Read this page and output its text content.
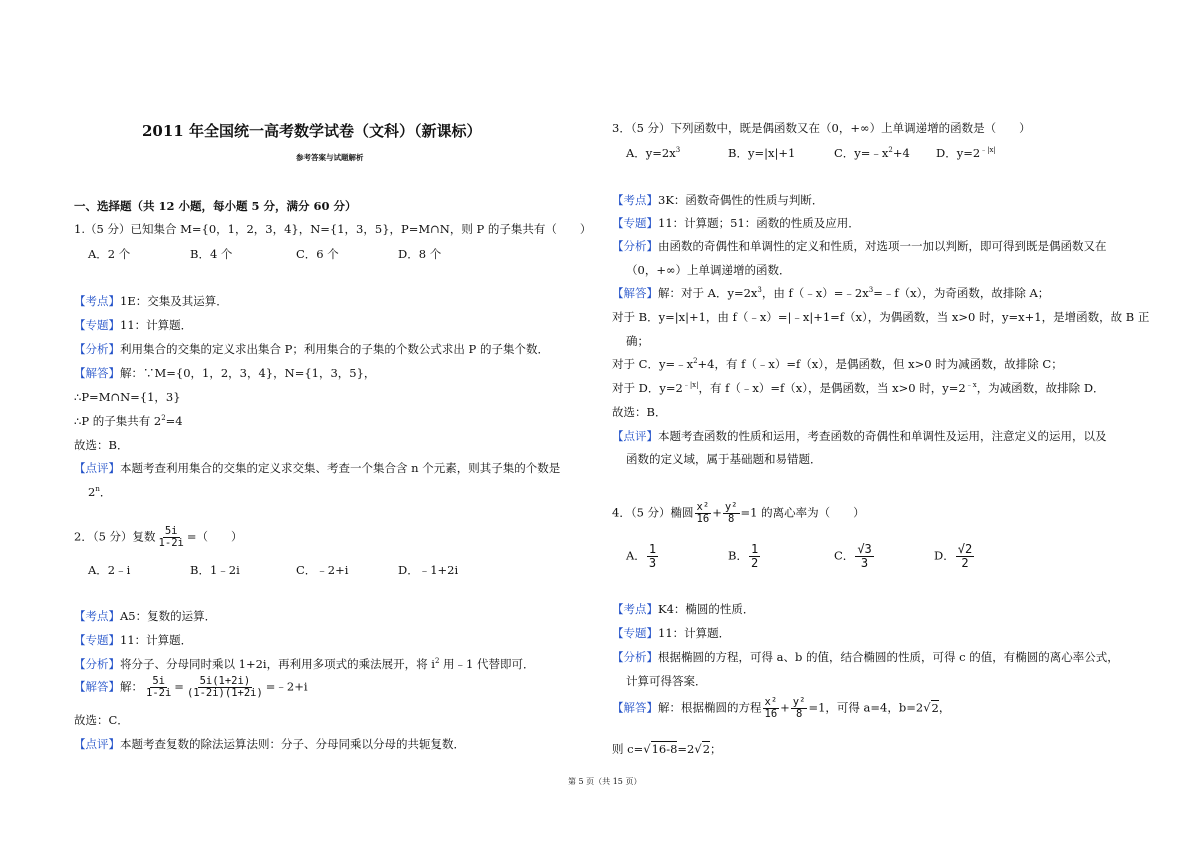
2011 年全国统一高考数学试卷（文科）（新课标）
参考答案与试题解析
一、选择题（共 12 小题，每小题 5 分，满分 60 分）
1.（5 分）已知集合 M={0，1，2，3，4}，N={1，3，5}，P=M∩N，则 P 的子集共有（　　）
A．2 个	B．4 个	C．6 个	D．8 个
【考点】1E：交集及其运算．
【专题】11：计算题．
【分析】利用集合的交集的定义求出集合 P；利用集合的子集的个数公式求出 P 的子集个数．
【解答】解：∵M={0，1，2，3，4}，N={1，3，5}，
∴P=M∩N={1，3}
∴P 的子集共有 $2^2=4$
故选：B．
【点评】本题考查利用集合的交集的定义求交集、考查一个集合含 n 个元素，则其子集的个数是
2$^n$．
2．（5 分）复数 $\frac{5i}{1-2i}$ =（　　）
A．2﹣i	B．1﹣2i	C．﹣2+i	D．﹣1+2i
【考点】A5：复数的运算．
【专题】11：计算题．
【分析】将分子、分母同时乘以 1+2i，再利用多项式的乘法展开，将 $i^2$ 用﹣1 代替即可．
【解答】解： $\frac{5i}{1-2i} = \frac{5i(1+2i)}{(1-2i)(1+2i)}$ =﹣2+i
故选：C．
【点评】本题考查复数的除法运算法则：分子、分母同乘以分母的共轭复数．
3．（5 分）下列函数中，既是偶函数又在（0，+∞）上单调递增的函数是（　　）
A．$y=2x^3$	B．y=|x|+1	C．$y=﹣x^2+4$ D．$y=2^{﹣|x|}$
【考点】3K：函数奇偶性的性质与判断．
【专题】11：计算题；51：函数的性质及应用．
【分析】由函数的奇偶性和单调性的定义和性质，对选项一一加以判断，即可得到既是偶函数又在
（0，+∞）上单调递增的函数．
【解答】解：对于 A．$y=2x^3$，由 $f(﹣x)=﹣2x^3=﹣f(x)$，为奇函数，故排除 A；
对于 B．y=|x|+1，由 f（﹣x）=|﹣x|+1=f（x），为偶函数，当 x>0 时，y=x+1，是增函数，故 B 正
确；
对于 C．$y=﹣x^2+4$，有 f（﹣x）=f（x），是偶函数，但 x>0 时为减函数，故排除 C；
对于 D．$y=2^{﹣|x|}$，有 f（﹣x）=f（x），是偶函数，当 x>0 时，$y=2^{﹣x}$，为减函数，故排除 D．
故选：B．
【点评】本题考查函数的性质和运用，考查函数的奇偶性和单调性及运用，注意定义的运用，以及
函数的定义域，属于基础题和易错题．
4．（5 分）椭圆 $\frac{\text{x²}}{16} + \frac{\text{y²}}{8} =1$ 的离心率为（　　）
A． $\frac{1}{3}$	B． $\frac{1}{2}$	C． $\frac{√3}{3}$	D． $\frac{√2}{2}$
【考点】K4：椭圆的性质．
【专题】11：计算题．
【分析】根据椭圆的方程，可得 a、b 的值，结合椭圆的性质，可得 c 的值，有椭圆的离心率公式，
计算可得答案．
【解答】解：根据椭圆的方程 $\frac{\text{x²}}{16} + \frac{\text{y²}}{8} =1$，可得 a=4，b=2√2，
则 c=√16-8=2√2；
第 5 页（共 15 页）
